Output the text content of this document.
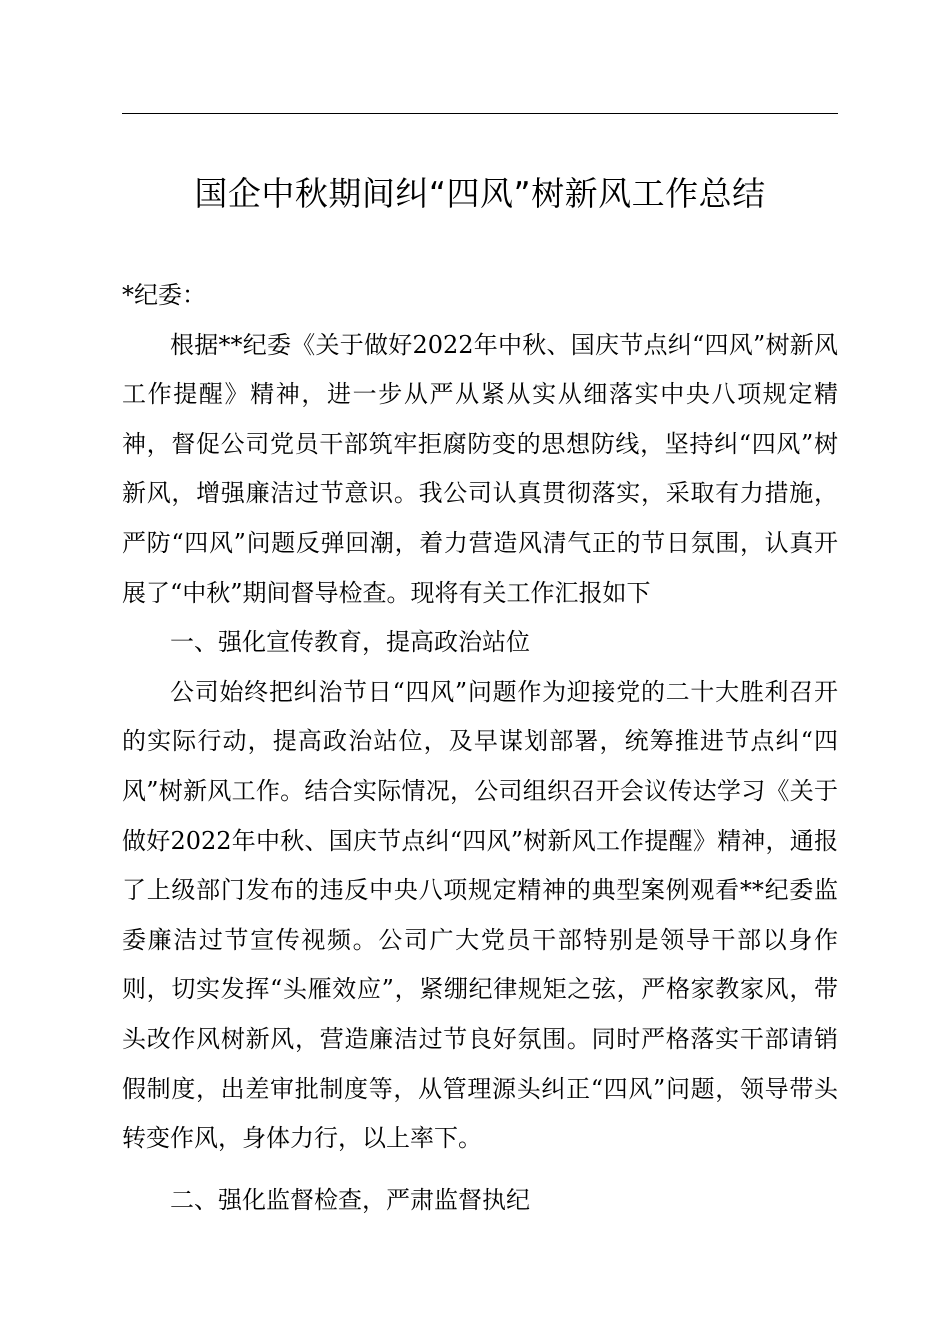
国企中秋期间纠“四风”树新风工作总结

*纪委：

根据**纪委《关于做好2022年中秋、国庆节点纠“四风”树新风工作提醒》精神，进一步从严从紧从实从细落实中央八项规定精神，督促公司党员干部筑牢拒腐防变的思想防线，坚持纠“四风”树新风，增强廉洁过节意识。我公司认真贯彻落实，采取有力措施，严防“四风”问题反弹回潮，着力营造风清气正的节日氛围，认真开展了“中秋”期间督导检查。现将有关工作汇报如下

一、强化宣传教育，提高政治站位

公司始终把纠治节日“四风”问题作为迎接党的二十大胜利召开的实际行动，提高政治站位，及早谋划部署，统筹推进节点纠“四风”树新风工作。结合实际情况，公司组织召开会议传达学习《关于做好2022年中秋、国庆节点纠“四风”树新风工作提醒》精神，通报了上级部门发布的违反中央八项规定精神的典型案例观看**纪委监委廉洁过节宣传视频。公司广大党员干部特别是领导干部以身作则，切实发挥“头雁效应”，紧绷纪律规矩之弦，严格家教家风，带头改作风树新风，营造廉洁过节良好氛围。同时严格落实干部请销假制度，出差审批制度等，从管理源头纠正“四风”问题，领导带头转变作风，身体力行，以上率下。

二、强化监督检查，严肃监督执纪
